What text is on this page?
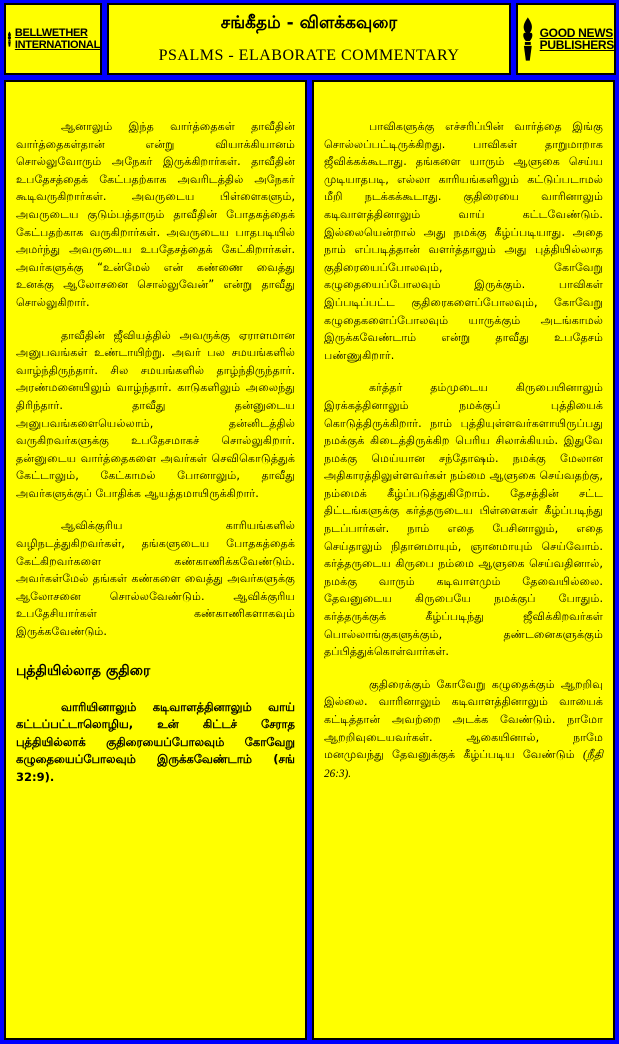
BELLWETHER
INTERNATIONAL
சங்கீதம் - விளக்கவுரை
PSALMS - ELABORATE COMMENTARY
GOOD NEWS
PUBLISHERS

ஆனாலும் இந்த வார்த்தைகள் தாவீதின் வார்த்தைகள்தான் என்று வியாக்கியானம் சொல்லுவோரும் அநேகர் இருக்கிறார்கள். தாவீதின் உபதேசத்தைக் கேட்பதற்காக அவரிடத்தில் அநேகர் கூடிவருகிறார்கள். அவருடைய பிள்ளைகளும், அவருடைய குடும்பத்தாரும் தாவீதின் போதகத்தைக் கேட்பதற்காக வருகிறார்கள். அவருடைய பாதபடியில் அமர்ந்து அவருடைய உபதேசத்தைக் கேட்கிறார்கள். அவர்களுக்கு “உன்மேல் என் கண்ணை வைத்து உனக்கு ஆலோசனை சொல்லுவேன்” என்று தாவீது சொல்லுகிறார்.

தாவீதின் ஜீவியத்தில் அவருக்கு ஏராளமான அனுபவங்கள் உண்டாயிற்று. அவர் பல சமயங்களில் வாழ்ந்திருந்தார். சில சமயங்களில் தாழ்ந்திருந்தார். அரண்மனையிலும் வாழ்ந்தார். காடுகளிலும் அலைந்து திரிந்தார். தாவீது தன்னுடைய அனுபவங்களையெல்லாம், தன்னிடத்தில் வருகிறவர்களுக்கு உபதேசமாகச் சொல்லுகிறார். தன்னுடைய வார்த்தைகளை அவர்கள் செவிகொடுத்துக் கேட்டாலும், கேட்காமல் போனாலும், தாவீது அவர்களுக்குப் போதிக்க ஆயத்தமாயிருக்கிறார்.

ஆவிக்குரிய காரியங்களில் வழிநடத்துகிறவர்கள், தங்களுடைய போதகத்தைக் கேட்கிறவர்களை கண்காணிக்கவேண்டும். அவர்கள்மேல் தங்கள் கண்களை வைத்து அவர்களுக்கு ஆலோசனை சொல்லவேண்டும். ஆவிக்குரிய உபதேசியார்கள் கண்காணிகளாகவும் இருக்கவேண்டும்.

புத்தியில்லாத குதிரை

வாரியினாலும் கடிவாளத்தினாலும் வாய் கட்டப்பட்டாலொழிய, உன் கிட்டச் சேராத புத்தியில்லாக் குதிரையைப்போலவும் கோவேறு கழுதையைப்போலவும் இருக்கவேண்டாம் (சங் 32:9).

பாவிகளுக்கு எச்சரிப்பின் வார்த்தை இங்கு சொல்லப்பட்டிருக்கிறது. பாவிகள் தாறுமாறாக ஜீவிக்கக்கூடாது. தங்களை யாரும் ஆளுகை செய்ய முடியாதபடி, எல்லா காரியங்களிலும் கட்டுப்படாமல் மீறி நடக்கக்கூடாது. குதிரையை வாரினாலும் கடிவாளத்தினாலும் வாய் கட்டவேண்டும். இல்லையென்றால் அது நமக்கு கீழ்ப்படியாது. அதை நாம் எப்படித்தான் வளர்த்தாலும் அது புத்தியில்லாத குதிரையைப்போலவும், கோவேறு கழுதையைப்போலவும் இருக்கும். பாவிகள் இப்படிப்பட்ட குதிரைகளைப்போலவும், கோவேறு கழுதைகளைப்போலவும் யாருக்கும் அடங்காமல் இருக்கவேண்டாம் என்று தாவீது உபதேசம் பண்ணுகிறார்.

கர்த்தர் தம்முடைய கிருபையினாலும் இரக்கத்தினாலும் நமக்குப் புத்தியைக் கொடுத்திருக்கிறார். நாம் புத்தியுள்ளவர்களாயிருப்பது நமக்குக் கிடைத்திருக்கிற பெரிய சிலாக்கியம். இதுவே நமக்கு மெய்யான சந்தோஷம். நமக்கு மேலான அதிகாரத்திலுள்ளவர்கள் நம்மை ஆளுகை செய்வதற்கு, நம்மைக் கீழ்ப்படுத்துகிறோம். தேசத்தின் சட்ட திட்டங்களுக்கு கர்த்தருடைய பிள்ளைகள் கீழ்ப்படிந்து நடப்பார்கள். நாம் எதை பேசினாலும், எதை செய்தாலும் நிதானமாயும், ஞானமாயும் செய்வோம். கர்த்தருடைய கிருபை நம்மை ஆளுகை செய்வதினால், நமக்கு வாரும் கடிவாளமும் தேவையில்லை. தேவனுடைய கிருபையே நமக்குப் போதும். கர்த்தருக்குக் கீழ்ப்படிந்து ஜீவிக்கிறவர்கள் பொல்லாங்குகளுக்கும், தண்டனைகளுக்கும் தப்பித்துக்கொள்வார்கள்.

குதிரைக்கும் கோவேறு கழுதைக்கும் ஆறறிவு இல்லை. வாரினாலும் கடிவாளத்தினாலும் வாயைக் கட்டித்தான் அவற்றை அடக்க வேண்டும். நாமோ ஆறறிவுடையவர்கள். ஆகையினால், நாமே மனமுவந்து தேவனுக்குக் கீழ்ப்படிய வேண்டும் (நீதி 26:3).
